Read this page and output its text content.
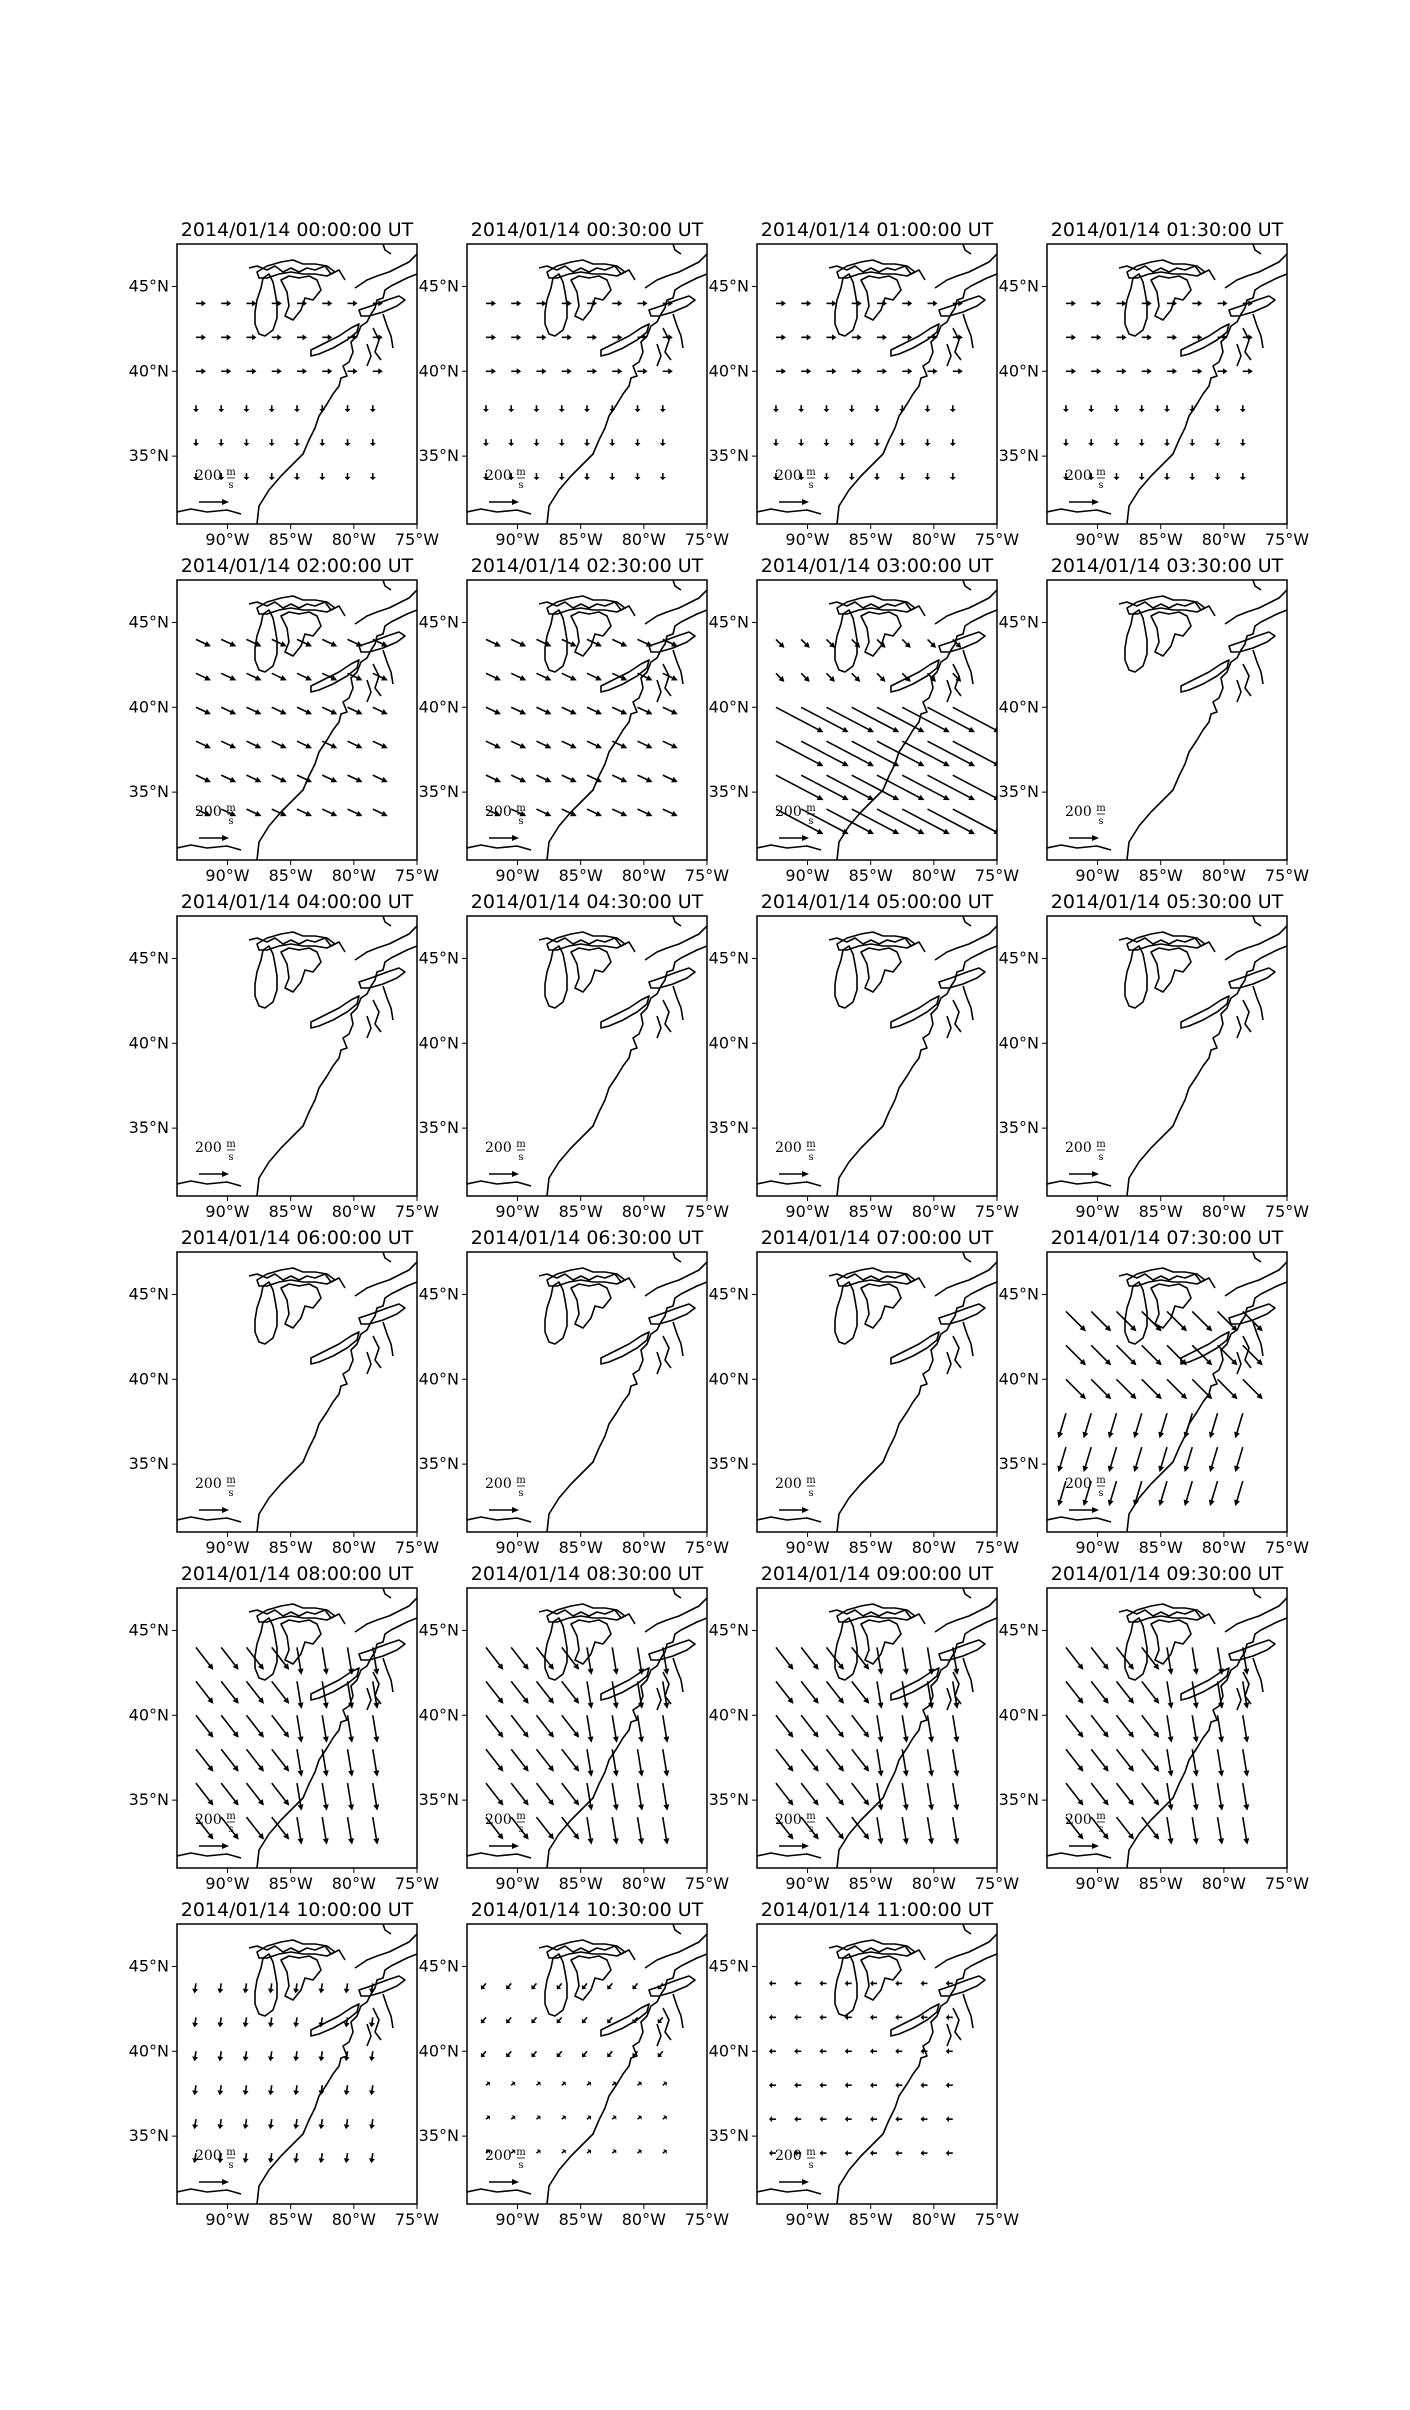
2014/01/14 00:00:00 UT
45°N
40°N
35°N
90°W 85°W 80°W 75°W
200 m
s
2014/01/14 00:30:00 UT
45°N
40°N
35°N
90°W 85°W 80°W 75°W
200 m
s
2014/01/14 01:00:00 UT
45°N
40°N
35°N
90°W 85°W 80°W 75°W
200 m
s
2014/01/14 01:30:00 UT
45°N
40°N
35°N
90°W 85°W 80°W 75°W
200 m
s
2014/01/14 02:00:00 UT
45°N
40°N
35°N
90°W 85°W 80°W 75°W
200 m
s
2014/01/14 02:30:00 UT
45°N
40°N
35°N
90°W 85°W 80°W 75°W
200 m
s
2014/01/14 03:00:00 UT
45°N
40°N
35°N
90°W 85°W 80°W 75°W
200 m
s
2014/01/14 03:30:00 UT
45°N
40°N
35°N
90°W 85°W 80°W 75°W
200 m
s
2014/01/14 04:00:00 UT
45°N
40°N
35°N
90°W 85°W 80°W 75°W
200 m
s
2014/01/14 04:30:00 UT
45°N
40°N
35°N
90°W 85°W 80°W 75°W
200 m
s
2014/01/14 05:00:00 UT
45°N
40°N
35°N
90°W 85°W 80°W 75°W
200 m
s
2014/01/14 05:30:00 UT
45°N
40°N
35°N
90°W 85°W 80°W 75°W
200 m
s
2014/01/14 06:00:00 UT
45°N
40°N
35°N
90°W 85°W 80°W 75°W
200 m
s
2014/01/14 06:30:00 UT
45°N
40°N
35°N
90°W 85°W 80°W 75°W
200 m
s
2014/01/14 07:00:00 UT
45°N
40°N
35°N
90°W 85°W 80°W 75°W
200 m
s
2014/01/14 07:30:00 UT
45°N
40°N
35°N
90°W 85°W 80°W 75°W
200 m
s
2014/01/14 08:00:00 UT
45°N
40°N
35°N
90°W 85°W 80°W 75°W
200 m
s
2014/01/14 08:30:00 UT
45°N
40°N
35°N
90°W 85°W 80°W 75°W
200 m
s
2014/01/14 09:00:00 UT
45°N
40°N
35°N
90°W 85°W 80°W 75°W
200 m
s
2014/01/14 09:30:00 UT
45°N
40°N
35°N
90°W 85°W 80°W 75°W
200 m
s
2014/01/14 10:00:00 UT
45°N
40°N
35°N
90°W 85°W 80°W 75°W
200 m
s
2014/01/14 10:30:00 UT
45°N
40°N
35°N
90°W 85°W 80°W 75°W
200 m
s
2014/01/14 11:00:00 UT
45°N
40°N
35°N
90°W 85°W 80°W 75°W
200 m
s
